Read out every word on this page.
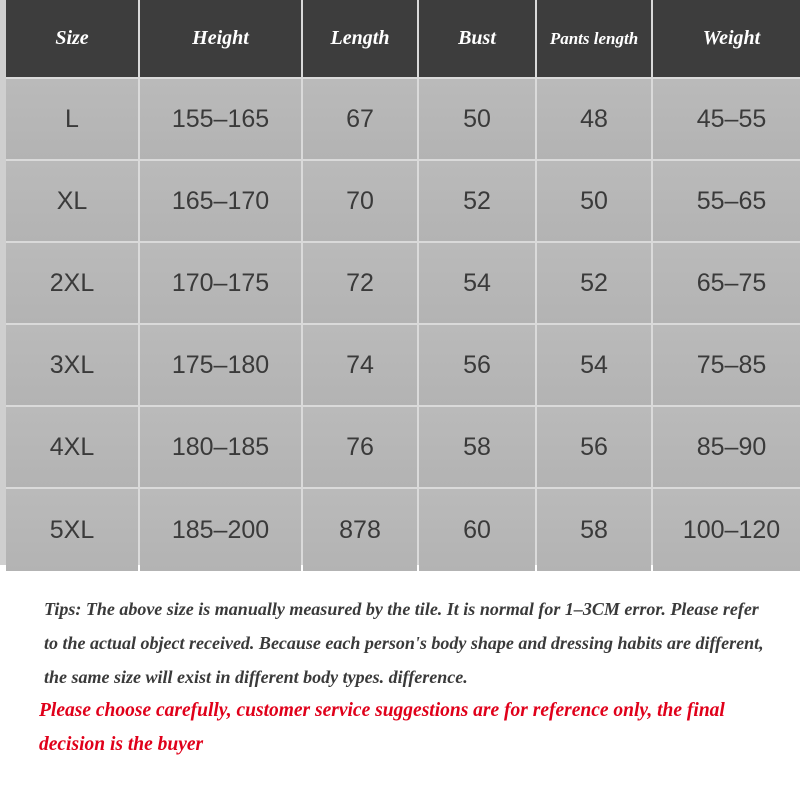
Size	Height	Length	Bust	Pants length	Weight
L	155–165	67	50	48	45–55
XL	165–170	70	52	50	55–65
2XL	170–175	72	54	52	65–75
3XL	175–180	74	56	54	75–85
4XL	180–185	76	58	56	85–90
5XL	185–200	878	60	58	100–120

Tips: The above size is manually measured by the tile. It is normal for 1–3CM error. Please refer to the actual object received. Because each person's body shape and dressing habits are different, the same size will exist in different body types. difference.

Please choose carefully, customer service suggestions are for reference only, the final decision is the buyer
